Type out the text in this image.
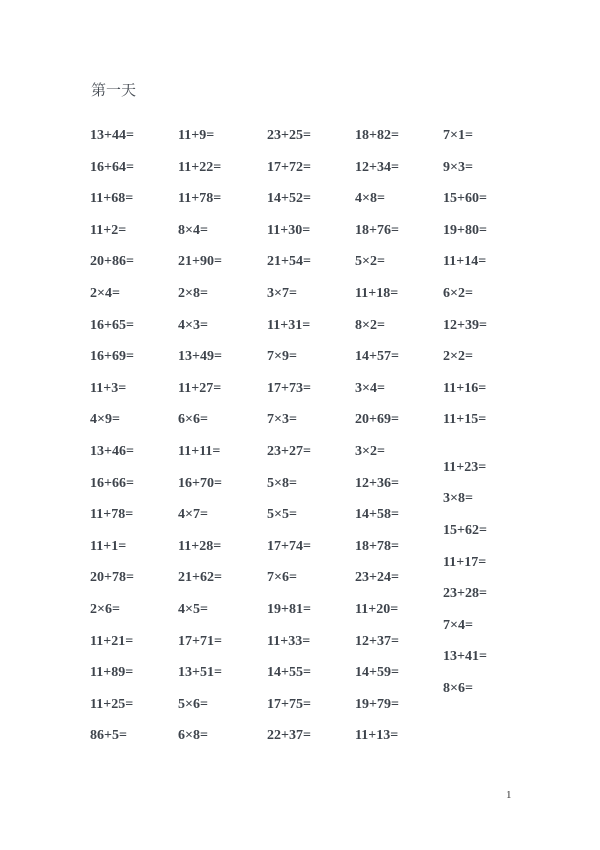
第一天
13+44=
16+64=
11+68=
11+2=
20+86=
2×4=
16+65=
16+69=
11+3=
4×9=
13+46=
16+66=
11+78=
11+1=
20+78=
2×6=
11+21=
11+89=
11+25=
86+5=
11+9=
11+22=
11+78=
8×4=
21+90=
2×8=
4×3=
13+49=
11+27=
6×6=
11+11=
16+70=
4×7=
11+28=
21+62=
4×5=
17+71=
13+51=
5×6=
6×8=
23+25=
17+72=
14+52=
11+30=
21+54=
3×7=
11+31=
7×9=
17+73=
7×3=
23+27=
5×8=
5×5=
17+74=
7×6=
19+81=
11+33=
14+55=
17+75=
22+37=
18+82=
12+34=
4×8=
18+76=
5×2=
11+18=
8×2=
14+57=
3×4=
20+69=
3×2=
12+36=
14+58=
18+78=
23+24=
11+20=
12+37=
14+59=
19+79=
11+13=
7×1=
9×3=
15+60=
19+80=
11+14=
6×2=
12+39=
2×2=
11+16=
11+15=
11+23=
3×8=
15+62=
11+17=
23+28=
7×4=
13+41=
8×6=
1
